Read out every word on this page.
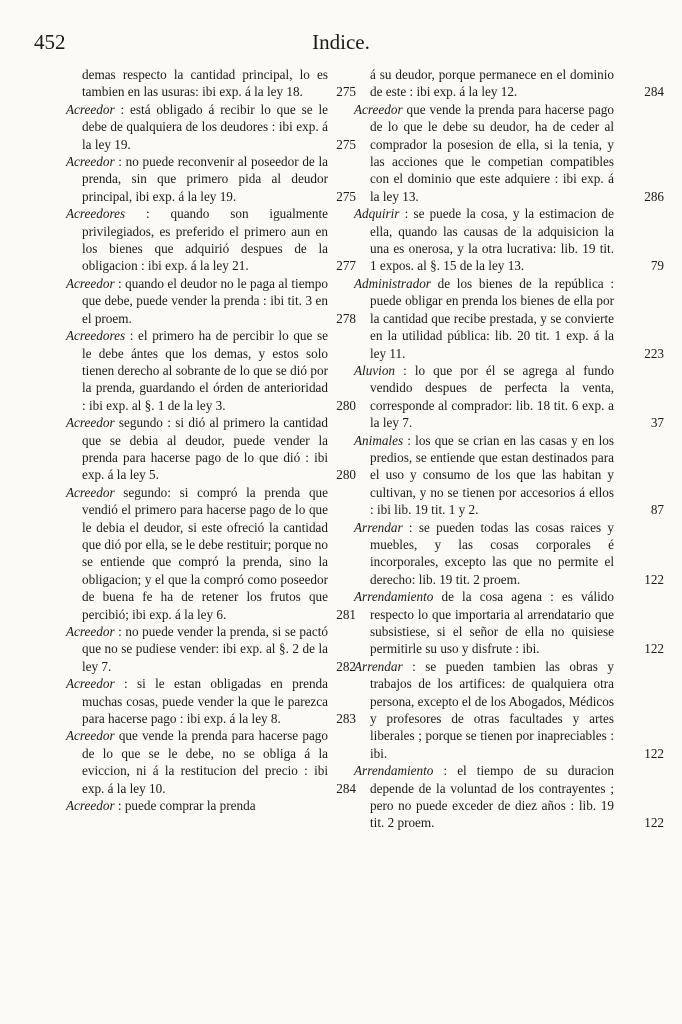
452	Indice.
demas respecto la cantidad principal, lo es tambien en las usuras: ibi exp. á la ley 18.	275
Acreedor : está obligado á recibir lo que se le debe de qualquiera de los deudores : ibi exp. á la ley 19.	275
Acreedor : no puede reconvenir al poseedor de la prenda, sin que primero pida al deudor principal, ibi exp. á la ley 19.	275
Acreedores : quando son igualmente privilegiados, es preferido el primero aun en los bienes que adquirió despues de la obligacion : ibi exp. á la ley 21.	277
Acreedor : quando el deudor no le paga al tiempo que debe, puede vender la prenda : ibi tit. 3 en el proem.	278
Acreedores : el primero ha de percibir lo que se le debe ántes que los demas, y estos solo tienen derecho al sobrante de lo que se dió por la prenda, guardando el órden de anterioridad : ibi exp. al §. 1 de la ley 3.	280
Acreedor segundo : si dió al primero la cantidad que se debia al deudor, puede vender la prenda para hacerse pago de lo que dió : ibi exp. á la ley 5.	280
Acreedor segundo: si compró la prenda que vendió el primero para hacerse pago de lo que le debia el deudor, si este ofreció la cantidad que dió por ella, se le debe restituir; porque no se entiende que compró la prenda, sino la obligacion; y el que la compró como poseedor de buena fe ha de retener los frutos que percibió; ibi exp. á la ley 6.	281
Acreedor : no puede vender la prenda, si se pactó que no se pudiese vender: ibi exp. al §. 2 de la ley 7.	282
Acreedor : si le estan obligadas en prenda muchas cosas, puede vender la que le parezca para hacerse pago : ibi exp. á la ley 8.	283
Acreedor que vende la prenda para hacerse pago de lo que se le debe, no se obliga á la eviccion, ni á la restitucion del precio : ibi exp. á la ley 10.	284
Acreedor : puede comprar la prenda
á su deudor, porque permanece en el dominio de este : ibi exp. á la ley 12.	284
Acreedor que vende la prenda para hacerse pago de lo que le debe su deudor, ha de ceder al comprador la posesion de ella, si la tenia, y las acciones que le competian compatibles con el dominio que este adquiere : ibi exp. á la ley 13.	286
Adquirir : se puede la cosa, y la estimacion de ella, quando las causas de la adquisicion la una es onerosa, y la otra lucrativa: lib. 19 tit. 1 expos. al §. 15 de la ley 13.	79
Administrador de los bienes de la república : puede obligar en prenda los bienes de ella por la cantidad que recibe prestada, y se convierte en la utilidad pública: lib. 20 tit. 1 exp. á la ley 11.	223
Aluvion : lo que por él se agrega al fundo vendido despues de perfecta la venta, corresponde al comprador: lib. 18 tit. 6 exp. a la ley 7.	37
Animales : los que se crian en las casas y en los predios, se entiende que estan destinados para el uso y consumo de los que las habitan y cultivan, y no se tienen por accesorios á ellos : ibi lib. 19 tit. 1 y 2.	87
Arrendar : se pueden todas las cosas raices y muebles, y las cosas corporales é incorporales, excepto las que no permite el derecho: lib. 19 tit. 2 proem.	122
Arrendamiento de la cosa agena : es válido respecto lo que importaria al arrendatario que subsistiese, si el señor de ella no quisiese permitirle su uso y disfrute : ibi.	122
Arrendar : se pueden tambien las obras y trabajos de los artifices: de qualquiera otra persona, excepto el de los Abogados, Médicos y profesores de otras facultades y artes liberales ; porque se tienen por inapreciables : ibi.	122
Arrendamiento : el tiempo de su duracion depende de la voluntad de los contrayentes ; pero no puede exceder de diez años : lib. 19 tit. 2 proem.	122
